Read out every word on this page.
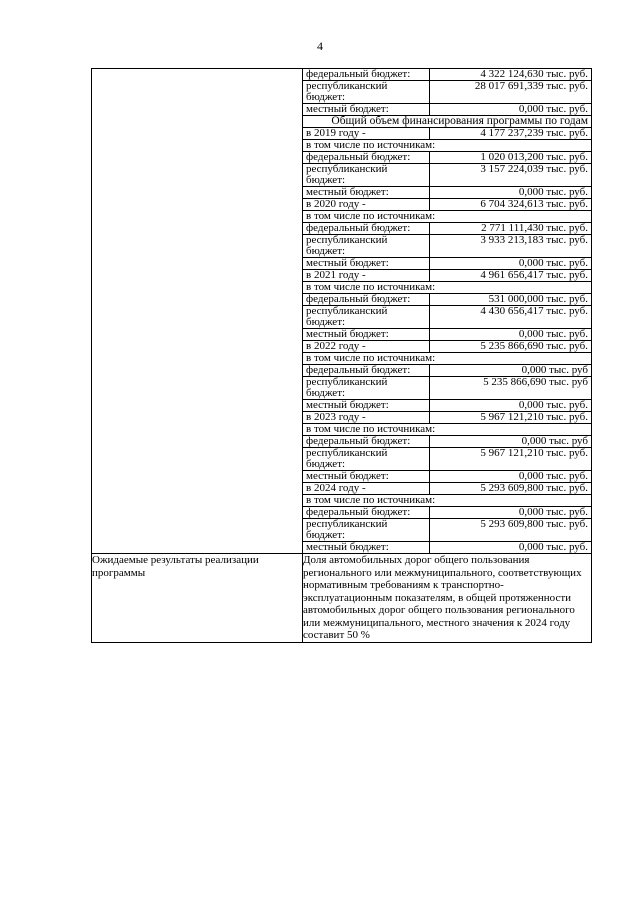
4

федеральный бюджет:	4 322 124,630 тыс. руб.
республиканский бюджет:	28 017 691,339 тыс. руб.
местный бюджет:	0,000 тыс. руб.
Общий объем финансирования программы по годам
в 2019 году -	4 177 237,239 тыс. руб.
в том числе по источникам:
федеральный бюджет:	1 020 013,200 тыс. руб.
республиканский бюджет:	3 157 224,039 тыс. руб.
местный бюджет:	0,000 тыс. руб.
в 2020 году -	6 704 324,613 тыс. руб.
в том числе по источникам:
федеральный бюджет:	2 771 111,430 тыс. руб.
республиканский бюджет:	3 933 213,183 тыс. руб.
местный бюджет:	0,000 тыс. руб.
в 2021 году -	4 961 656,417 тыс. руб.
в том числе по источникам:
федеральный бюджет:	531 000,000 тыс. руб.
республиканский бюджет:	4 430 656,417 тыс. руб.
местный бюджет:	0,000 тыс. руб.
в 2022 году -	5 235 866,690 тыс. руб.
в том числе по источникам:
федеральный бюджет:	0,000 тыс. руб
республиканский бюджет:	5 235 866,690 тыс. руб
местный бюджет:	0,000 тыс. руб.
в 2023 году -	5 967 121,210 тыс. руб.
в том числе по источникам:
федеральный бюджет:	0,000 тыс. руб
республиканский бюджет:	5 967 121,210 тыс. руб.
местный бюджет:	0,000 тыс. руб.
в 2024 году -	5 293 609,800 тыс. руб.
в том числе по источникам:
федеральный бюджет:	0,000 тыс. руб.
республиканский бюджет:	5 293 609,800 тыс. руб.
местный бюджет:	0,000 тыс. руб.

Ожидаемые результаты реализации программы	Доля автомобильных дорог общего пользования регионального или межмуниципального, соответствующих нормативным требованиям к транспортно-эксплуатационным показателям, в общей протяженности автомобильных дорог общего пользования регионального или межмуниципального, местного значения к 2024 году составит 50 %
